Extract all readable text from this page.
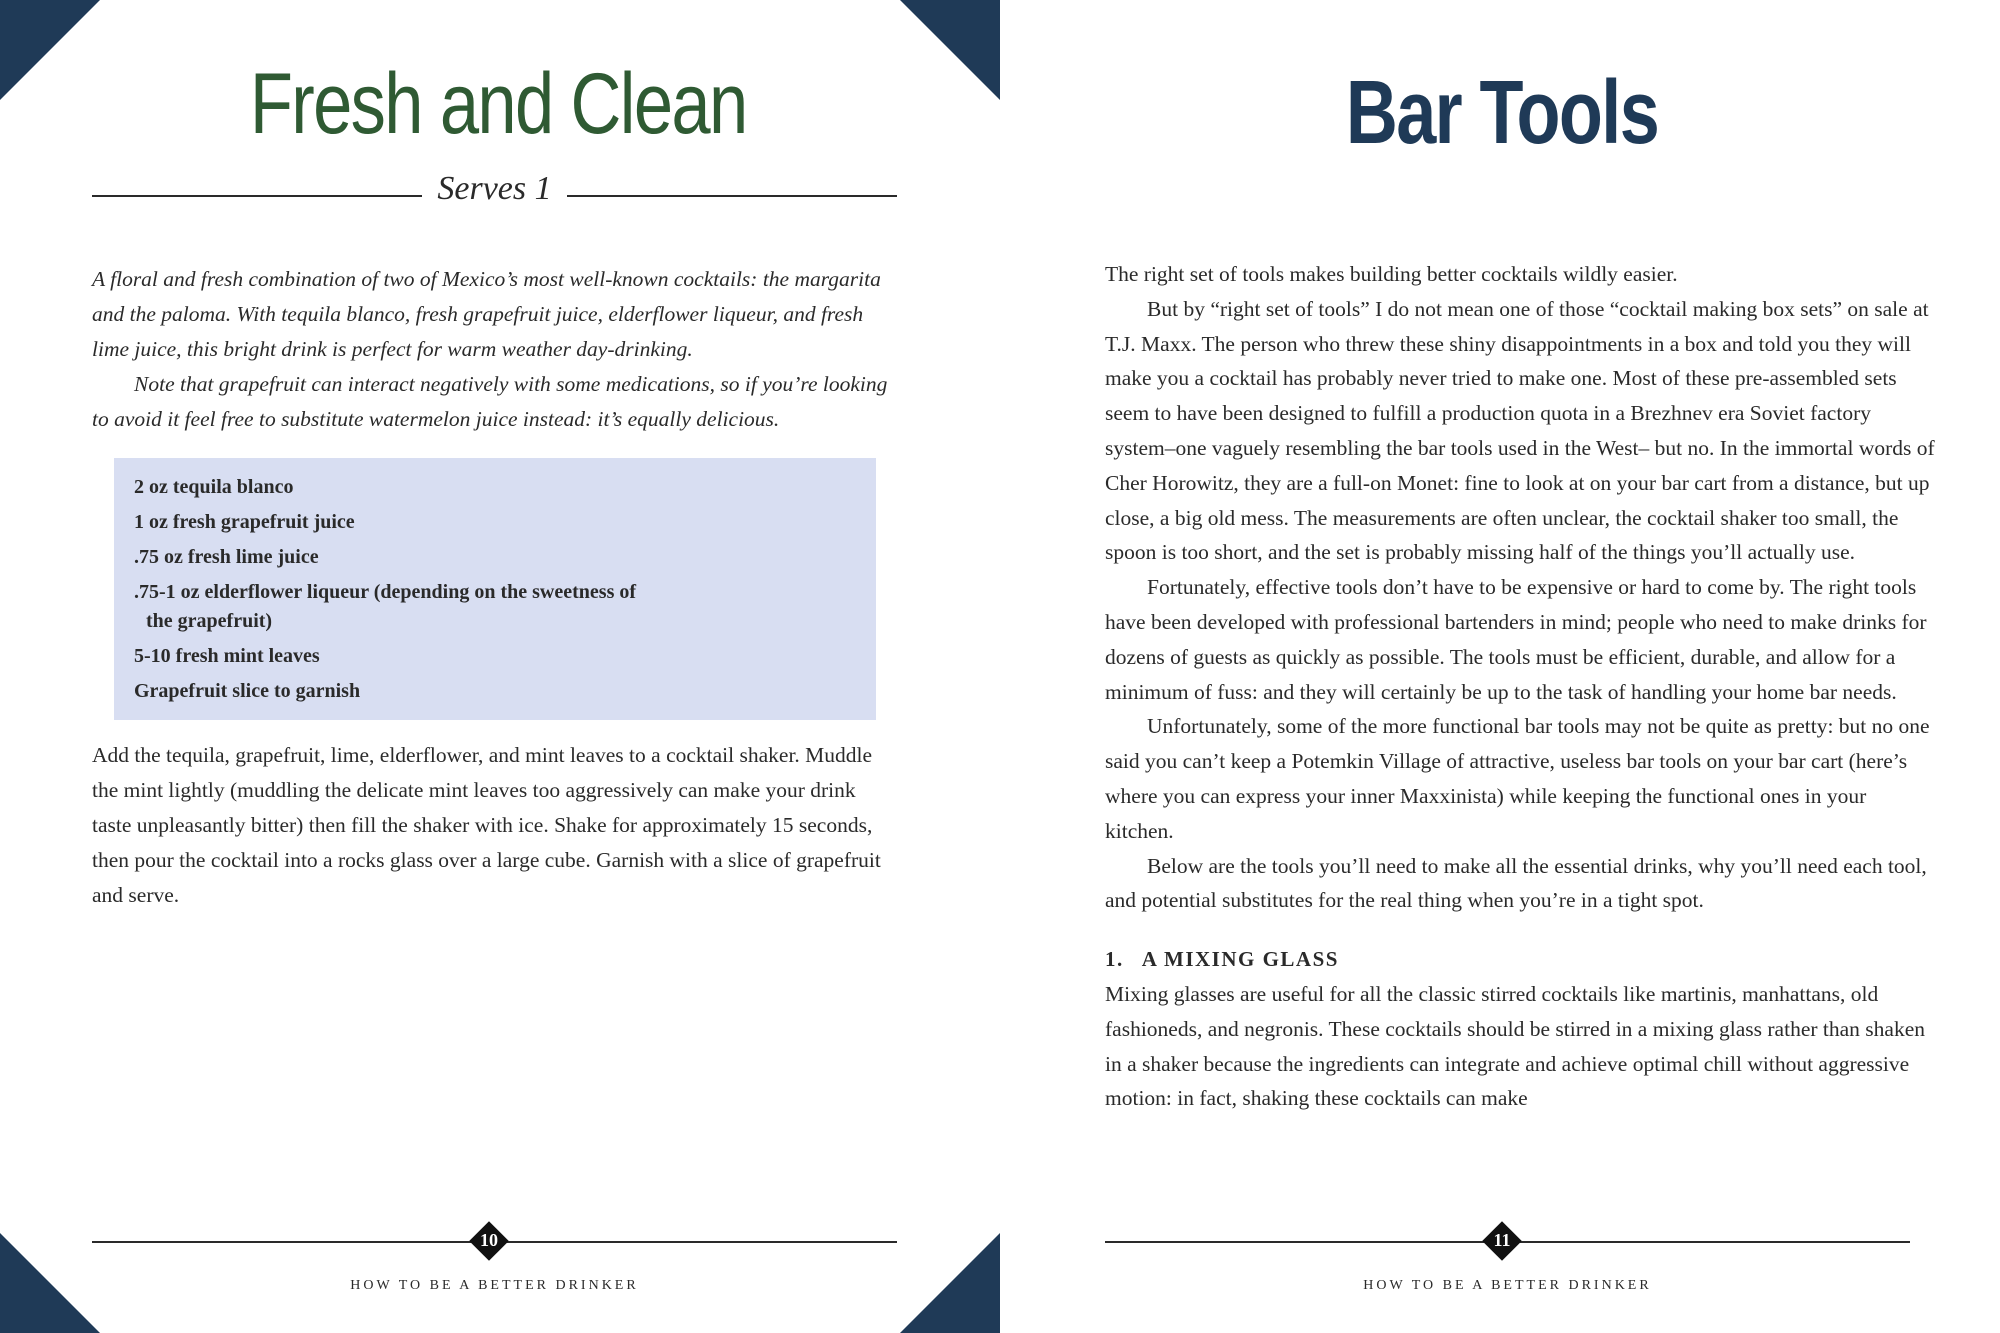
Fresh and Clean
Serves 1

A floral and fresh combination of two of Mexico’s most well-known cocktails: the margarita and the paloma. With tequila blanco, fresh grapefruit juice, elderflower liqueur, and fresh lime juice, this bright drink is perfect for warm weather day-drinking.

Note that grapefruit can interact negatively with some medications, so if you’re looking to avoid it feel free to substitute watermelon juice instead: it’s equally delicious.

2 oz tequila blanco
1 oz fresh grapefruit juice
.75 oz fresh lime juice
.75-1 oz elderflower liqueur (depending on the sweetness of the grapefruit)
5-10 fresh mint leaves
Grapefruit slice to garnish

Add the tequila, grapefruit, lime, elderflower, and mint leaves to a cocktail shaker. Muddle the mint lightly (muddling the delicate mint leaves too aggressively can make your drink taste unpleasantly bitter) then fill the shaker with ice. Shake for approximately 15 seconds, then pour the cocktail into a rocks glass over a large cube. Garnish with a slice of grapefruit and serve.

10
HOW TO BE A BETTER DRINKER
Bar Tools

The right set of tools makes building better cocktails wildly easier.

But by “right set of tools” I do not mean one of those “cocktail making box sets” on sale at T.J. Maxx. The person who threw these shiny disappointments in a box and told you they will make you a cocktail has probably never tried to make one. Most of these pre-assembled sets seem to have been designed to fulfill a production quota in a Brezhnev era Soviet factory system–one vaguely resembling the bar tools used in the West– but no. In the immortal words of Cher Horowitz, they are a full-on Monet: fine to look at on your bar cart from a distance, but up close, a big old mess. The measurements are often unclear, the cocktail shaker too small, the spoon is too short, and the set is probably missing half of the things you’ll actually use.

Fortunately, effective tools don’t have to be expensive or hard to come by. The right tools have been developed with professional bartenders in mind; people who need to make drinks for dozens of guests as quickly as possible. The tools must be efficient, durable, and allow for a minimum of fuss: and they will certainly be up to the task of handling your home bar needs.

Unfortunately, some of the more functional bar tools may not be quite as pretty: but no one said you can’t keep a Potemkin Village of attractive, useless bar tools on your bar cart (here’s where you can express your inner Maxxinista) while keeping the functional ones in your kitchen.

Below are the tools you’ll need to make all the essential drinks, why you’ll need each tool, and potential substitutes for the real thing when you’re in a tight spot.

1. A MIXING GLASS

Mixing glasses are useful for all the classic stirred cocktails like martinis, manhattans, old fashioneds, and negronis. These cocktails should be stirred in a mixing glass rather than shaken in a shaker because the ingredients can integrate and achieve optimal chill without aggressive motion: in fact, shaking these cocktails can make

11
HOW TO BE A BETTER DRINKER
